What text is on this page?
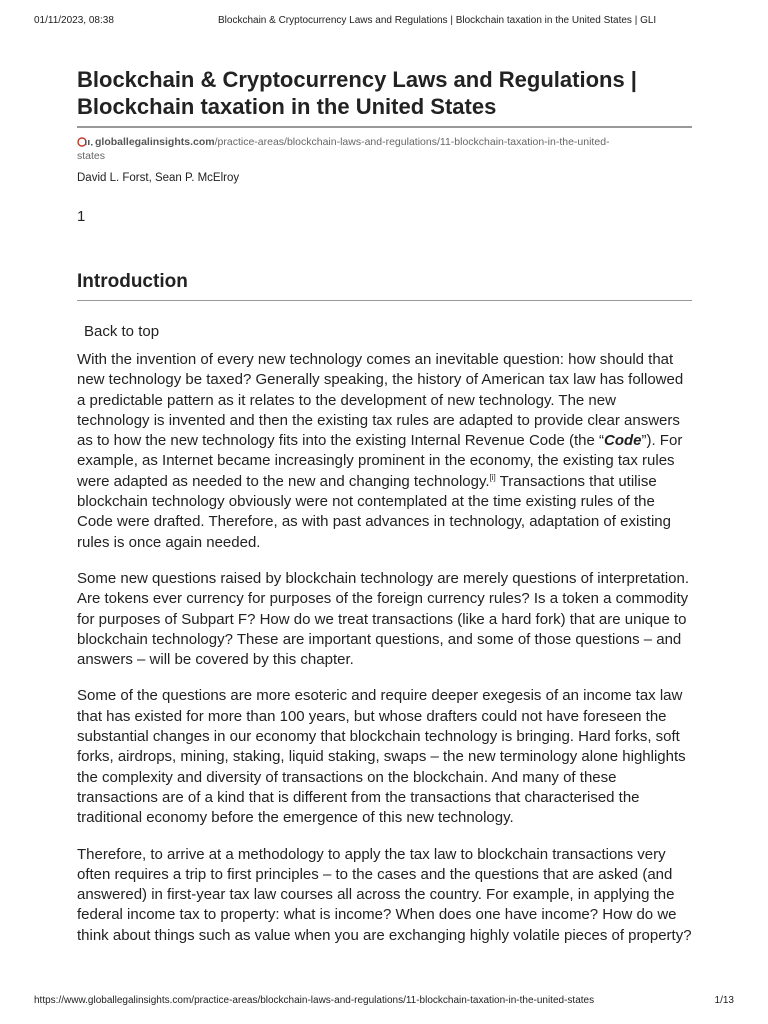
01/11/2023, 08:38	Blockchain & Cryptocurrency Laws and Regulations | Blockchain taxation in the United States | GLI
Blockchain & Cryptocurrency Laws and Regulations |
Blockchain taxation in the United States
globallegalinsights.com/practice-areas/blockchain-laws-and-regulations/11-blockchain-taxation-in-the-united-
states
David L. Forst, Sean P. McElroy
1
Introduction
Back to top

With the invention of every new technology comes an inevitable question: how should that new technology be taxed? Generally speaking, the history of American tax law has followed a predictable pattern as it relates to the development of new technology. The new technology is invented and then the existing tax rules are adapted to provide clear answers as to how the new technology fits into the existing Internal Revenue Code (the “Code”). For example, as Internet became increasingly prominent in the economy, the existing tax rules were adapted as needed to the new and changing technology.[i] Transactions that utilise blockchain technology obviously were not contemplated at the time existing rules of the Code were drafted. Therefore, as with past advances in technology, adaptation of existing rules is once again needed.

Some new questions raised by blockchain technology are merely questions of interpretation. Are tokens ever currency for purposes of the foreign currency rules? Is a token a commodity for purposes of Subpart F? How do we treat transactions (like a hard fork) that are unique to blockchain technology? These are important questions, and some of those questions – and answers – will be covered by this chapter.

Some of the questions are more esoteric and require deeper exegesis of an income tax law that has existed for more than 100 years, but whose drafters could not have foreseen the substantial changes in our economy that blockchain technology is bringing. Hard forks, soft forks, airdrops, mining, staking, liquid staking, swaps – the new terminology alone highlights the complexity and diversity of transactions on the blockchain. And many of these transactions are of a kind that is different from the transactions that characterised the traditional economy before the emergence of this new technology.

Therefore, to arrive at a methodology to apply the tax law to blockchain transactions very often requires a trip to first principles – to the cases and the questions that are asked (and answered) in first-year tax law courses all across the country. For example, in applying the federal income tax to property: what is income? When does one have income? How do we think about things such as value when you are exchanging highly volatile pieces of property?

https://www.globallegalinsights.com/practice-areas/blockchain-laws-and-regulations/11-blockchain-taxation-in-the-united-states	1/13
